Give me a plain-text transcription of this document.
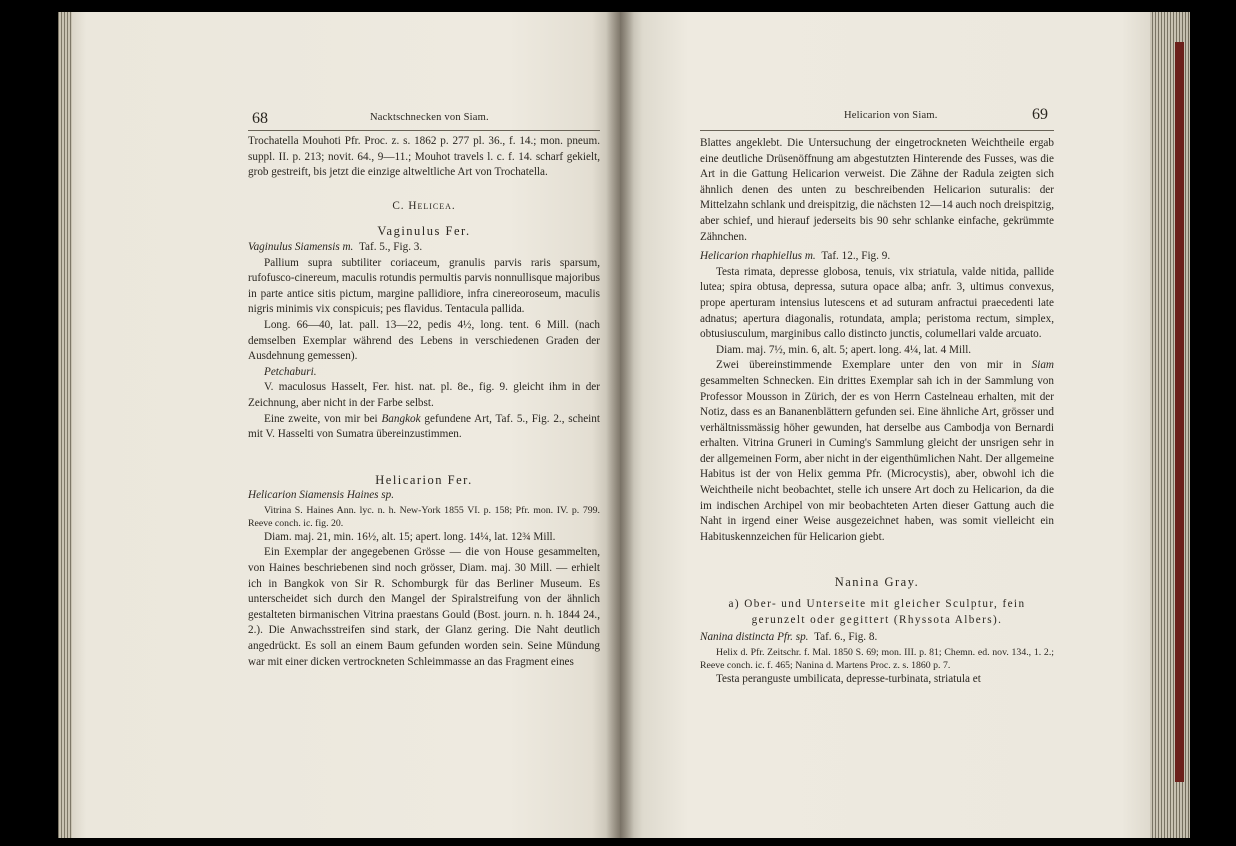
68	Nacktschnecken von Siam.

Trochatella Mouhoti Pfr. Proc. z. s. 1862 p. 277 pl. 36., f. 14.; mon. pneum. suppl. II. p. 213; novit. 64., 9—11.; Mouhot travels l. c. f. 14. scharf gekielt, grob gestreift, bis jetzt die einzige altweltliche Art von Trochatella.

C. Helicea.

Vaginulus Fer.

Vaginulus Siamensis m. Taf. 5., Fig. 3.

Pallium supra subtiliter coriaceum, granulis parvis raris sparsum, rufofusco-cinereum, maculis rotundis permultis parvis nonnullisque majoribus in parte antice sitis pictum, margine pallidiore, infra cinereoroseum, maculis nigris minimis vix conspicuis; pes flavidus. Tentacula pallida.

Long. 66—40, lat. pall. 13—22, pedis 4½, long. tent. 6 Mill. (nach demselben Exemplar während des Lebens in verschiedenen Graden der Ausdehnung gemessen).

Petchaburi.

V. maculosus Hasselt, Fer. hist. nat. pl. 8e., fig. 9. gleicht ihm in der Zeichnung, aber nicht in der Farbe selbst.

Eine zweite, von mir bei Bangkok gefundene Art, Taf. 5., Fig. 2., scheint mit V. Hasselti von Sumatra übereinzustimmen.

Helicarion Fer.

Helicarion Siamensis Haines sp.

Vitrina S. Haines Ann. lyc. n. h. New-York 1855 VI. p. 158; Pfr. mon. IV. p. 799. Reeve conch. ic. fig. 20.

Diam. maj. 21, min. 16½, alt. 15; apert. long. 14¼, lat. 12¾ Mill.

Ein Exemplar der angegebenen Grösse — die von House gesammelten, von Haines beschriebenen sind noch grösser, Diam. maj. 30 Mill. — erhielt ich in Bangkok von Sir R. Schomburgk für das Berliner Museum. Es unterscheidet sich durch den Mangel der Spiralstreifung von der ähnlich gestalteten birmanischen Vitrina praestans Gould (Bost. journ. n. h. 1844 24., 2.). Die Anwachsstreifen sind stark, der Glanz gering. Die Naht deutlich angedrückt. Es soll an einem Baum gefunden worden sein. Seine Mündung war mit einer dicken vertrockneten Schleimmasse an das Fragment eines

Helicarion von Siam.	69

Blattes angeklebt. Die Untersuchung der eingetrockneten Weichtheile ergab eine deutliche Drüsenöffnung am abgestutzten Hinterende des Fusses, was die Art in die Gattung Helicarion verweist. Die Zähne der Radula zeigten sich ähnlich denen des unten zu beschreibenden Helicarion suturalis: der Mittelzahn schlank und dreispitzig, die nächsten 12—14 auch noch dreispitzig, aber schief, und hierauf jederseits bis 90 sehr schlanke einfache, gekrümmte Zähnchen.

Helicarion rhaphiellus m. Taf. 12., Fig. 9.

Testa rimata, depresse globosa, tenuis, vix striatula, valde nitida, pallide lutea; spira obtusa, depressa, sutura opace alba; anfr. 3, ultimus convexus, prope aperturam intensius lutescens et ad suturam anfractui praecedenti late adnatus; apertura diagonalis, rotundata, ampla; peristoma rectum, simplex, obtusiusculum, marginibus callo distincto junctis, columellari valde arcuato.

Diam. maj. 7½, min. 6, alt. 5; apert. long. 4¼, lat. 4 Mill.

Zwei übereinstimmende Exemplare unter den von mir in Siam gesammelten Schnecken. Ein drittes Exemplar sah ich in der Sammlung von Professor Mousson in Zürich, der es von Herrn Castelneau erhalten, mit der Notiz, dass es an Bananenblättern gefunden sei. Eine ähnliche Art, grösser und verhältnissmässig höher gewunden, hat derselbe aus Cambodja von Bernardi erhalten. Vitrina Gruneri in Cuming's Sammlung gleicht der unsrigen sehr in der allgemeinen Form, aber nicht in der eigenthümlichen Naht. Der allgemeine Habitus ist der von Helix gemma Pfr. (Microcystis), aber, obwohl ich die Weichtheile nicht beobachtet, stelle ich unsere Art doch zu Helicarion, da die im indischen Archipel von mir beobachteten Arten dieser Gattung auch die Naht in irgend einer Weise ausgezeichnet haben, was somit vielleicht ein Habituskennzeichen für Helicarion giebt.

Nanina Gray.

a) Ober- und Unterseite mit gleicher Sculptur, fein gerunzelt oder gegittert (Rhyssota Albers).

Nanina distincta Pfr. sp. Taf. 6., Fig. 8.

Helix d. Pfr. Zeitschr. f. Mal. 1850 S. 69; mon. III. p. 81; Chemn. ed. nov. 134., 1. 2.; Reeve conch. ic. f. 465; Nanina d. Martens Proc. z. s. 1860 p. 7.

Testa peranguste umbilicata, depresse-turbinata, striatula et
